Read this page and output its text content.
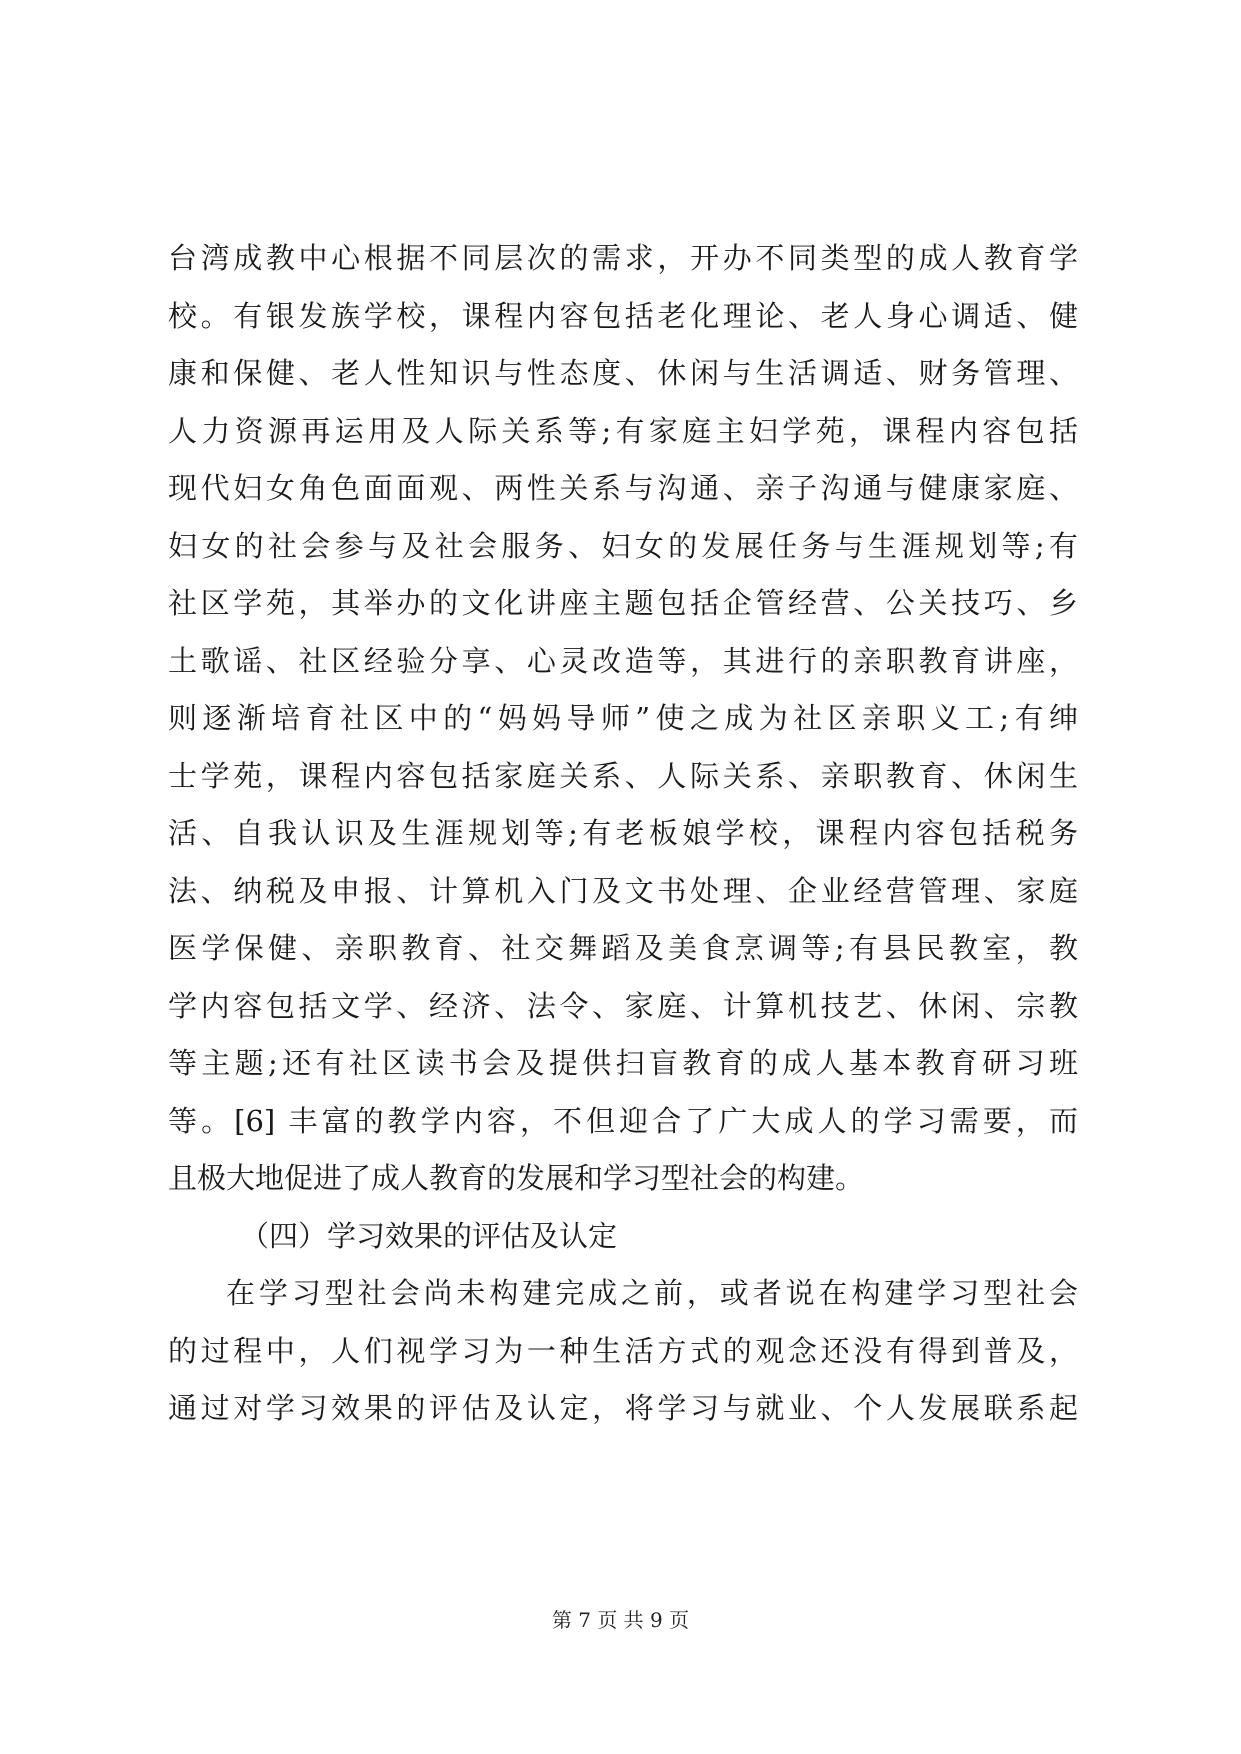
台湾成教中心根据不同层次的需求，开办不同类型的成人教育学
校。有银发族学校，课程内容包括老化理论、老人身心调适、健
康和保健、老人性知识与性态度、休闲与生活调适、财务管理、
人力资源再运用及人际关系等;有家庭主妇学苑，课程内容包括
现代妇女角色面面观、两性关系与沟通、亲子沟通与健康家庭、
妇女的社会参与及社会服务、妇女的发展任务与生涯规划等;有
社区学苑，其举办的文化讲座主题包括企管经营、公关技巧、乡
土歌谣、社区经验分享、心灵改造等，其进行的亲职教育讲座，
则逐渐培育社区中的“妈妈导师”使之成为社区亲职义工;有绅
士学苑，课程内容包括家庭关系、人际关系、亲职教育、休闲生
活、自我认识及生涯规划等;有老板娘学校，课程内容包括税务
法、纳税及申报、计算机入门及文书处理、企业经营管理、家庭
医学保健、亲职教育、社交舞蹈及美食烹调等;有县民教室，教
学内容包括文学、经济、法令、家庭、计算机技艺、休闲、宗教
等主题;还有社区读书会及提供扫盲教育的成人基本教育研习班
等。[6] 丰富的教学内容，不但迎合了广大成人的学习需要，而
且极大地促进了成人教育的发展和学习型社会的构建。
（四）学习效果的评估及认定
在学习型社会尚未构建完成之前，或者说在构建学习型社会
的过程中，人们视学习为一种生活方式的观念还没有得到普及，
通过对学习效果的评估及认定，将学习与就业、个人发展联系起
第 7 页 共 9 页
